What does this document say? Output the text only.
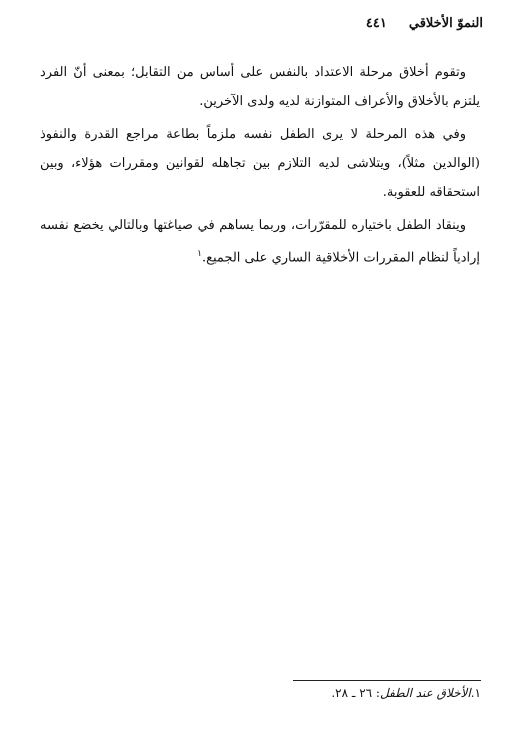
النموّ الأخلاقي
٤٤١

وتقوم أخلاق مرحلة الاعتداد بالنفس على أساس من التقابل؛ بمعنى أنّ الفرد يلتزم بالأخلاق والأعراف المتوازنة لديه ولدى الآخرين.

وفي هذه المرحلة لا يرى الطفل نفسه ملزماً بطاعة مراجع القدرة والنفوذ (الوالدين مثلاً)، ويتلاشى لديه التلازم بين تجاهله لقوانين ومقررات هؤلاء، وبين استحقاقه للعقوبة.

وينقاد الطفل باختياره للمقرّرات، وربما يساهم في صياغتها وبالتالي يخضع نفسه إرادياً لنظام المقررات الأخلاقية الساري على الجميع.$^١$

١.الأخلاق عند الطفل: ٢٦ ـ ٢٨.
